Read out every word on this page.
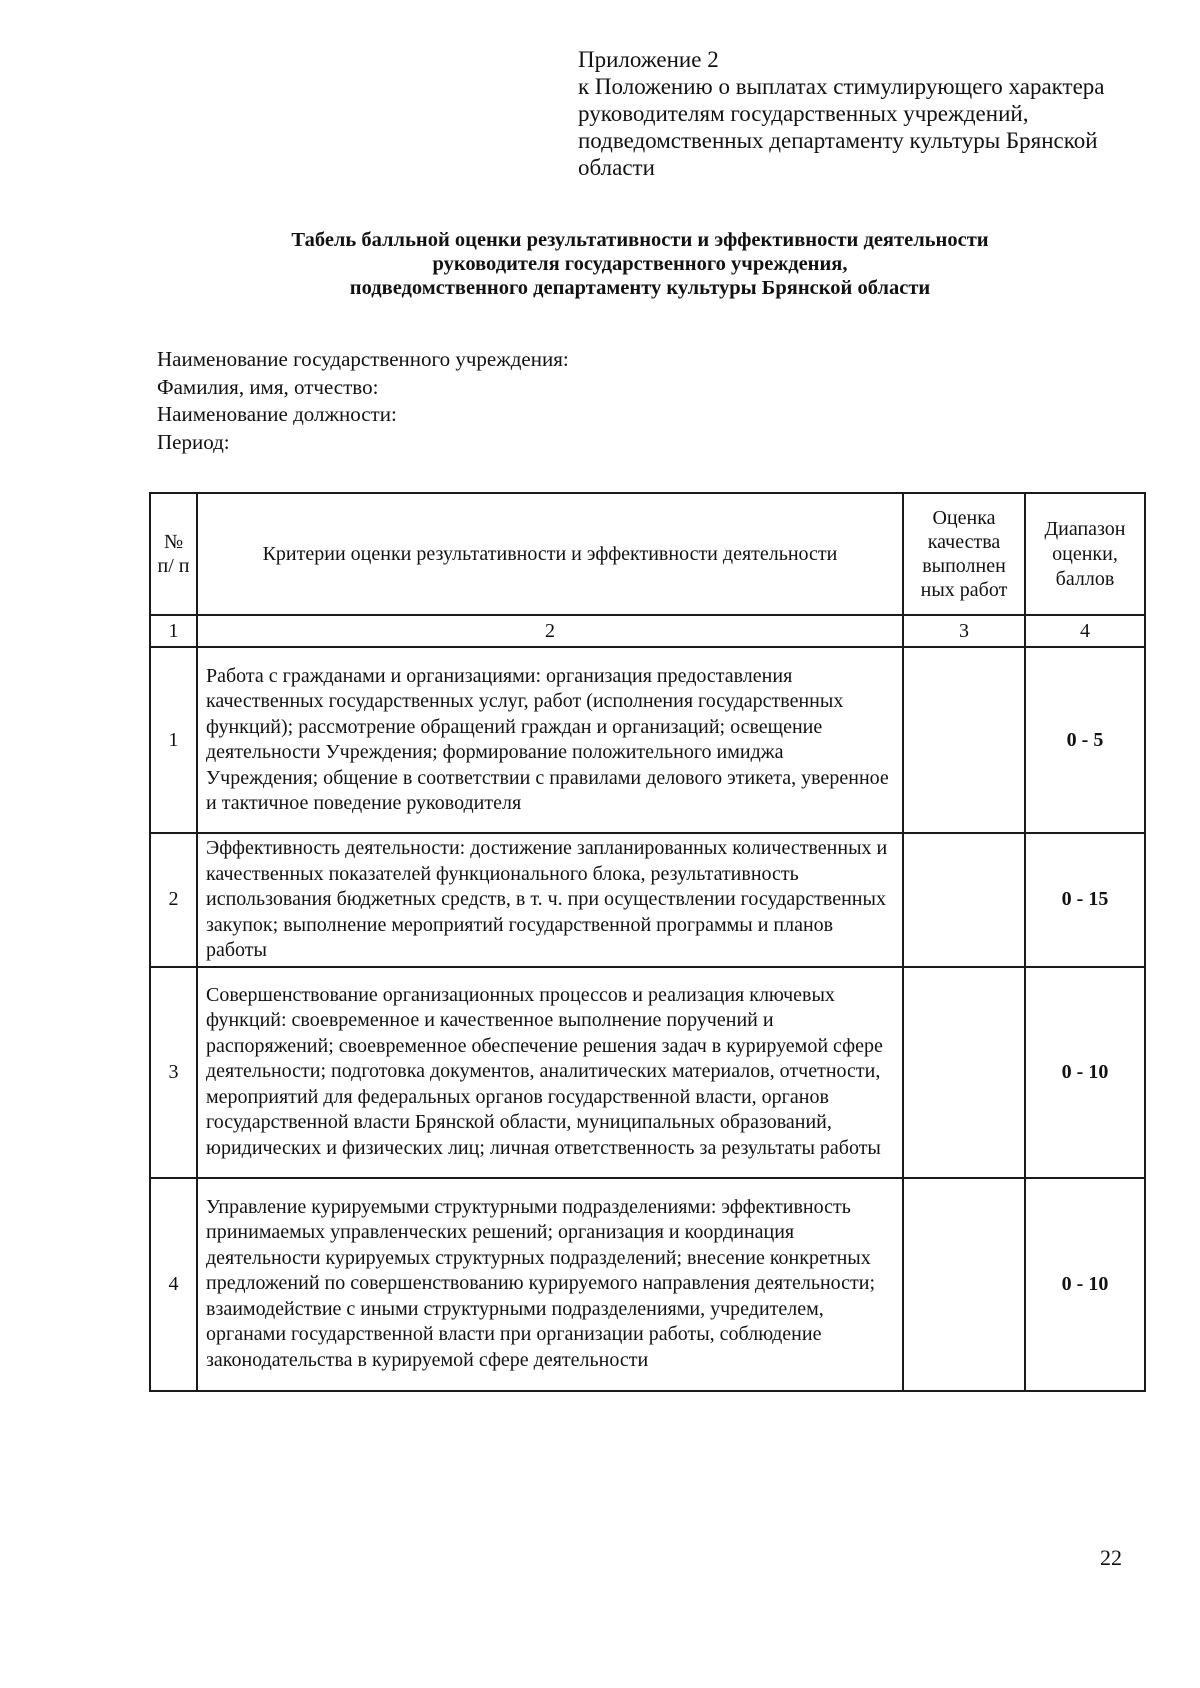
Приложение 2
к Положению о выплатах стимулирующего характера
руководителям государственных учреждений,
подведомственных департаменту культуры Брянской
области
Табель балльной оценки результативности и эффективности деятельности
руководителя государственного учреждения,
подведомственного департаменту культуры Брянской области
Наименование государственного учреждения:
Фамилия, имя, отчество:
Наименование должности:
Период:
№ п/ п	Критерии оценки результативности и эффективности деятельности	Оценка качества выполнен ных работ	Диапазон оценки, баллов
1	2	3	4
1	Работа с гражданами и организациями: организация предоставления качественных государственных услуг, работ (исполнения государственных функций); рассмотрение обращений граждан и организаций; освещение деятельности Учреждения; формирование положительного имиджа Учреждения; общение в соответствии с правилами делового этикета, уверенное и тактичное поведение руководителя		0 - 5
2	Эффективность деятельности: достижение запланированных количественных и качественных показателей функционального блока, результативность использования бюджетных средств, в т. ч. при осуществлении государственных закупок; выполнение мероприятий государственной программы и планов работы		0 - 15
3	Совершенствование организационных процессов и реализация ключевых функций: своевременное и качественное выполнение поручений и распоряжений; своевременное обеспечение решения задач в курируемой сфере деятельности; подготовка документов, аналитических материалов, отчетности, мероприятий для федеральных органов государственной власти, органов государственной власти Брянской области, муниципальных образований, юридических и физических лиц; личная ответственность за результаты работы		0 - 10
4	Управление курируемыми структурными подразделениями: эффективность принимаемых управленческих решений; организация и координация деятельности курируемых структурных подразделений; внесение конкретных предложений по совершенствованию курируемого направления деятельности; взаимодействие с иными структурными подразделениями, учредителем, органами государственной власти при организации работы, соблюдение законодательства в курируемой сфере деятельности		0 - 10
22
